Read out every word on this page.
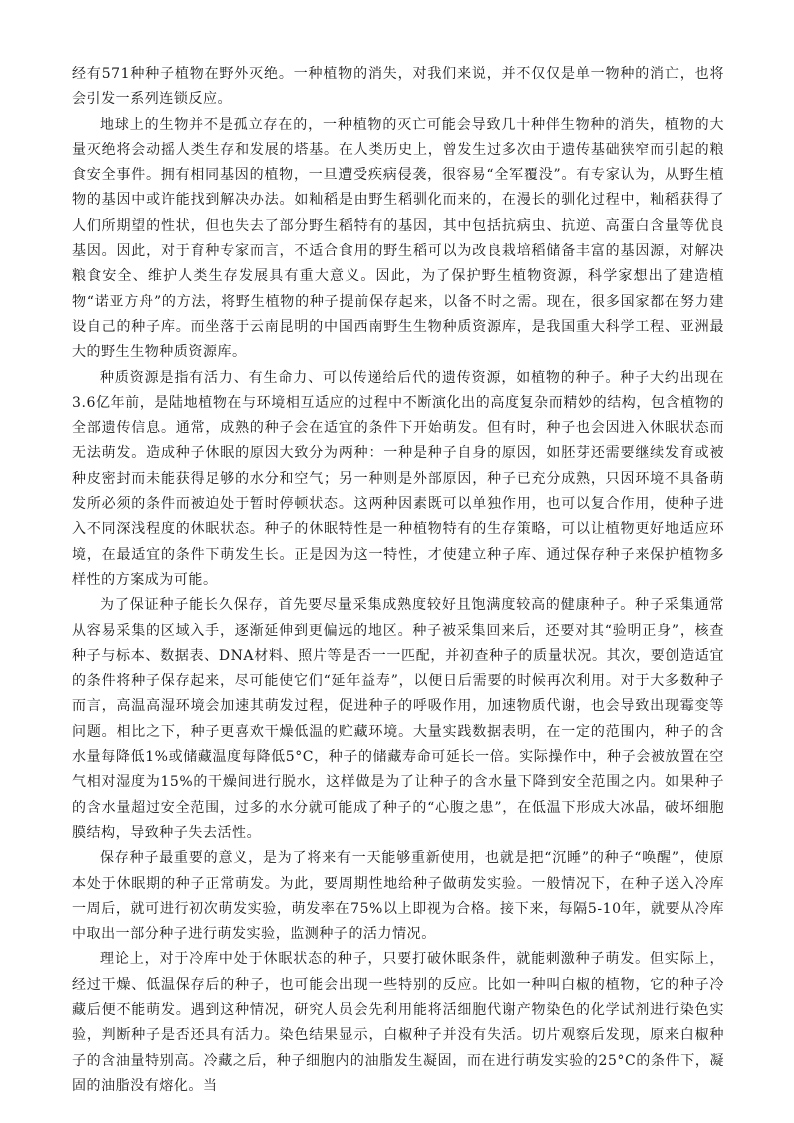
经有571种种子植物在野外灭绝。一种植物的消失，对我们来说，并不仅仅是单一物种的消亡，也将会引发一系列连锁反应。

地球上的生物并不是孤立存在的，一种植物的灭亡可能会导致几十种伴生物种的消失，植物的大量灭绝将会动摇人类生存和发展的塔基。在人类历史上，曾发生过多次由于遗传基础狭窄而引起的粮食安全事件。拥有相同基因的植物，一旦遭受疾病侵袭，很容易“全军覆没”。有专家认为，从野生植物的基因中或许能找到解决办法。如籼稻是由野生稻驯化而来的，在漫长的驯化过程中，籼稻获得了人们所期望的性状，但也失去了部分野生稻特有的基因，其中包括抗病虫、抗逆、高蛋白含量等优良基因。因此，对于育种专家而言，不适合食用的野生稻可以为改良栽培稻储备丰富的基因源，对解决粮食安全、维护人类生存发展具有重大意义。因此，为了保护野生植物资源，科学家想出了建造植物“诺亚方舟”的方法，将野生植物的种子提前保存起来，以备不时之需。现在，很多国家都在努力建设自己的种子库。而坐落于云南昆明的中国西南野生生物种质资源库，是我国重大科学工程、亚洲最大的野生生物种质资源库。

种质资源是指有活力、有生命力、可以传递给后代的遗传资源，如植物的种子。种子大约出现在3.6亿年前，是陆地植物在与环境相互适应的过程中不断演化出的高度复杂而精妙的结构，包含植物的全部遗传信息。通常，成熟的种子会在适宜的条件下开始萌发。但有时，种子也会因进入休眠状态而无法萌发。造成种子休眠的原因大致分为两种：一种是种子自身的原因，如胚芽还需要继续发育或被种皮密封而未能获得足够的水分和空气；另一种则是外部原因，种子已充分成熟，只因环境不具备萌发所必须的条件而被迫处于暂时停顿状态。这两种因素既可以单独作用，也可以复合作用，使种子进入不同深浅程度的休眠状态。种子的休眠特性是一种植物特有的生存策略，可以让植物更好地适应环境，在最适宜的条件下萌发生长。正是因为这一特性，才使建立种子库、通过保存种子来保护植物多样性的方案成为可能。

为了保证种子能长久保存，首先要尽量采集成熟度较好且饱满度较高的健康种子。种子采集通常从容易采集的区域入手，逐渐延伸到更偏远的地区。种子被采集回来后，还要对其“验明正身”，核查种子与标本、数据表、DNA材料、照片等是否一一匹配，并初查种子的质量状况。其次，要创造适宜的条件将种子保存起来，尽可能使它们“延年益寿”，以便日后需要的时候再次利用。对于大多数种子而言，高温高湿环境会加速其萌发过程，促进种子的呼吸作用，加速物质代谢，也会导致出现霉变等问题。相比之下，种子更喜欢干燥低温的贮藏环境。大量实践数据表明，在一定的范围内，种子的含水量每降低1%或储藏温度每降低5°C，种子的储藏寿命可延长一倍。实际操作中，种子会被放置在空气相对湿度为15%的干燥间进行脱水，这样做是为了让种子的含水量下降到安全范围之内。如果种子的含水量超过安全范围，过多的水分就可能成了种子的“心腹之患”，在低温下形成大冰晶，破坏细胞膜结构，导致种子失去活性。

保存种子最重要的意义，是为了将来有一天能够重新使用，也就是把“沉睡”的种子“唤醒”，使原本处于休眠期的种子正常萌发。为此，要周期性地给种子做萌发实验。一般情况下，在种子送入冷库一周后，就可进行初次萌发实验，萌发率在75%以上即视为合格。接下来，每隔5-10年，就要从冷库中取出一部分种子进行萌发实验，监测种子的活力情况。

理论上，对于冷库中处于休眠状态的种子，只要打破休眠条件，就能刺激种子萌发。但实际上，经过干燥、低温保存后的种子，也可能会出现一些特别的反应。比如一种叫白椒的植物，它的种子冷藏后便不能萌发。遇到这种情况，研究人员会先利用能将活细胞代谢产物染色的化学试剂进行染色实验，判断种子是否还具有活力。染色结果显示，白椒种子并没有失活。切片观察后发现，原来白椒种子的含油量特别高。冷藏之后，种子细胞内的油脂发生凝固，而在进行萌发实验的25°C的条件下，凝固的油脂没有熔化。当
